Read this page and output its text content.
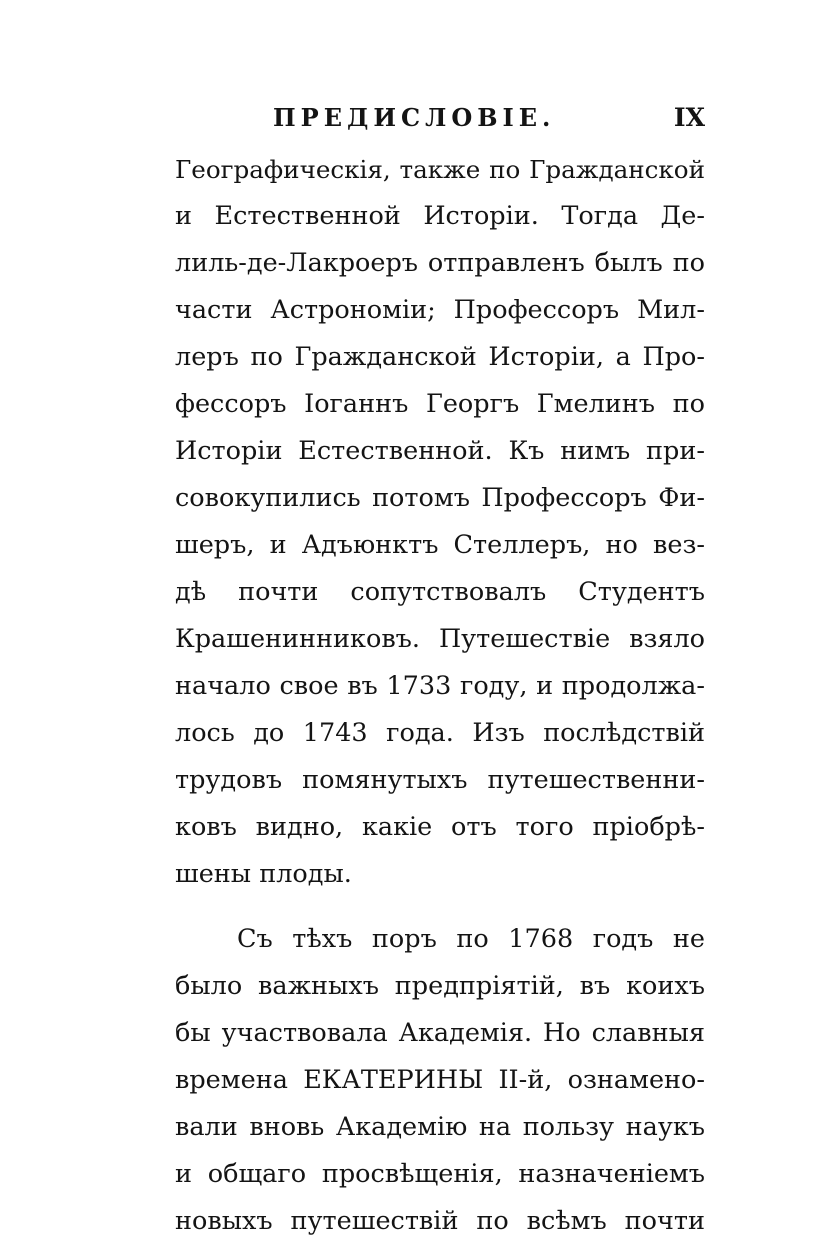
ПРЕДИСЛОВІЕ.	IX

Географическія, также по Гражданской
и Естественной Исторіи. Тогда Де-
лиль-де-Лакроеръ отправленъ былъ по
части Астрономіи; Профессоръ Мил-
леръ по Гражданской Исторіи, а Про-
фессоръ Іоганнъ Георгъ Гмелинъ по
Исторіи Естественной. Къ нимъ при-
совокупились потомъ Профессоръ Фи-
шеръ, и Адъюнктъ Стеллеръ, но вез-
дѣ почти сопутствовалъ Студентъ
Крашенинниковъ. Путешествіе взяло
начало свое въ 1733 году, и продолжа-
лось до 1743 года. Изъ послѣдствій
трудовъ помянутыхъ путешественни-
ковъ видно, какіе отъ того пріобрѣ-
шены плоды.

Съ тѣхъ поръ по 1768 годъ не
было важныхъ предпріятій, въ коихъ
бы участвовала Академія. Но славныя
времена ЕКАТЕРИНЫ II-й, ознамено-
вали вновь Академію на пользу наукъ
и общаго просвѣщенія, назначеніемъ
новыхъ путешествій по всѣмъ почти
